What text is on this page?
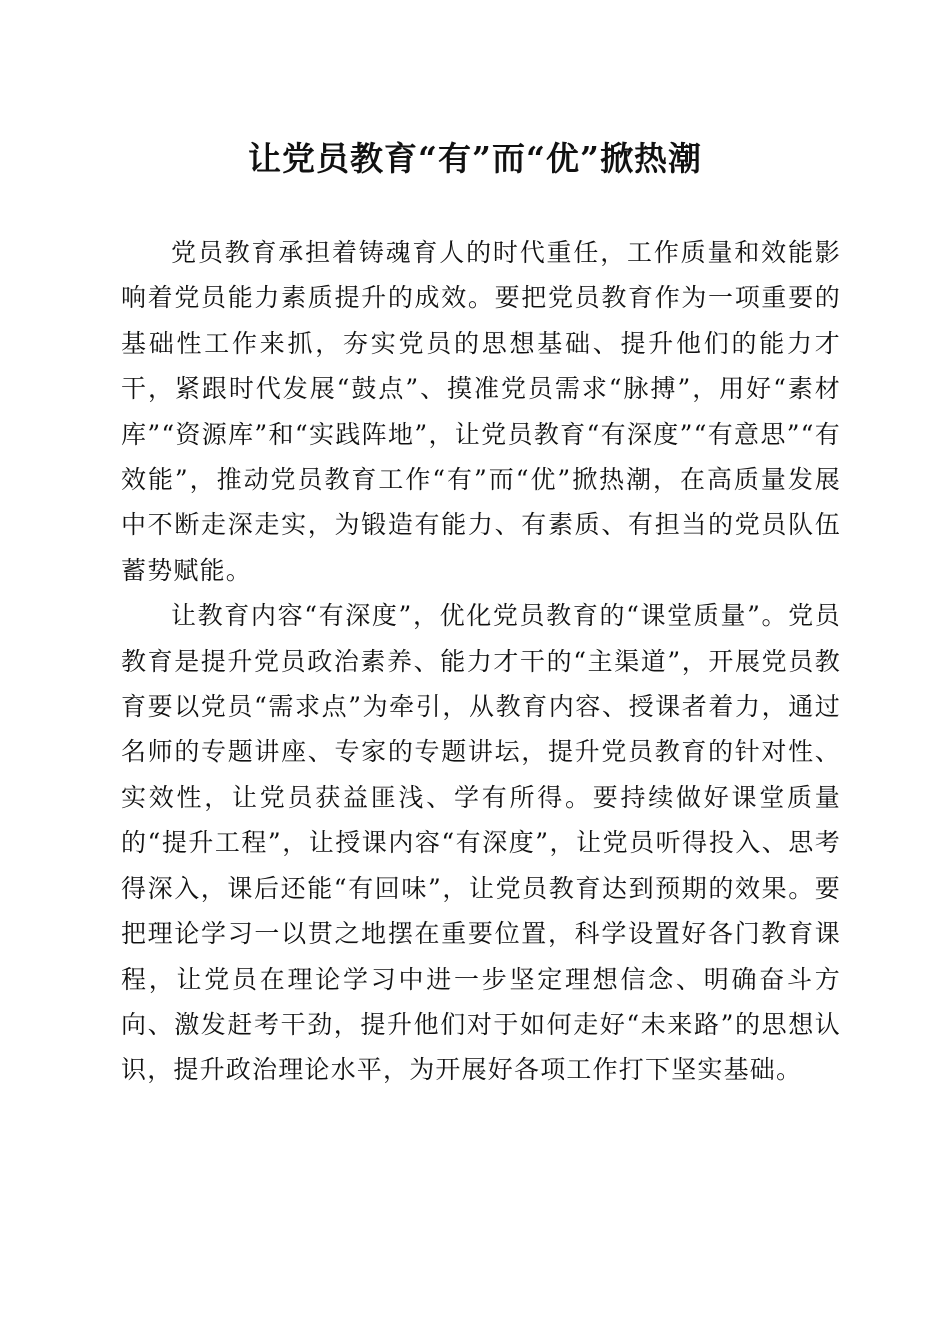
让党员教育“有”而“优”掀热潮

党员教育承担着铸魂育人的时代重任，工作质量和效能影响着党员能力素质提升的成效。要把党员教育作为一项重要的基础性工作来抓，夯实党员的思想基础、提升他们的能力才干，紧跟时代发展“鼓点”、摸准党员需求“脉搏”，用好“素材库”“资源库”和“实践阵地”，让党员教育“有深度”“有意思”“有效能”，推动党员教育工作“有”而“优”掀热潮，在高质量发展中不断走深走实，为锻造有能力、有素质、有担当的党员队伍蓄势赋能。

让教育内容“有深度”，优化党员教育的“课堂质量”。党员教育是提升党员政治素养、能力才干的“主渠道”，开展党员教育要以党员“需求点”为牵引，从教育内容、授课者着力，通过名师的专题讲座、专家的专题讲坛，提升党员教育的针对性、实效性，让党员获益匪浅、学有所得。要持续做好课堂质量的“提升工程”，让授课内容“有深度”，让党员听得投入、思考得深入，课后还能“有回味”，让党员教育达到预期的效果。要把理论学习一以贯之地摆在重要位置，科学设置好各门教育课程，让党员在理论学习中进一步坚定理想信念、明确奋斗方向、激发赶考干劲，提升他们对于如何走好“未来路”的思想认识，提升政治理论水平，为开展好各项工作打下坚实基础。
